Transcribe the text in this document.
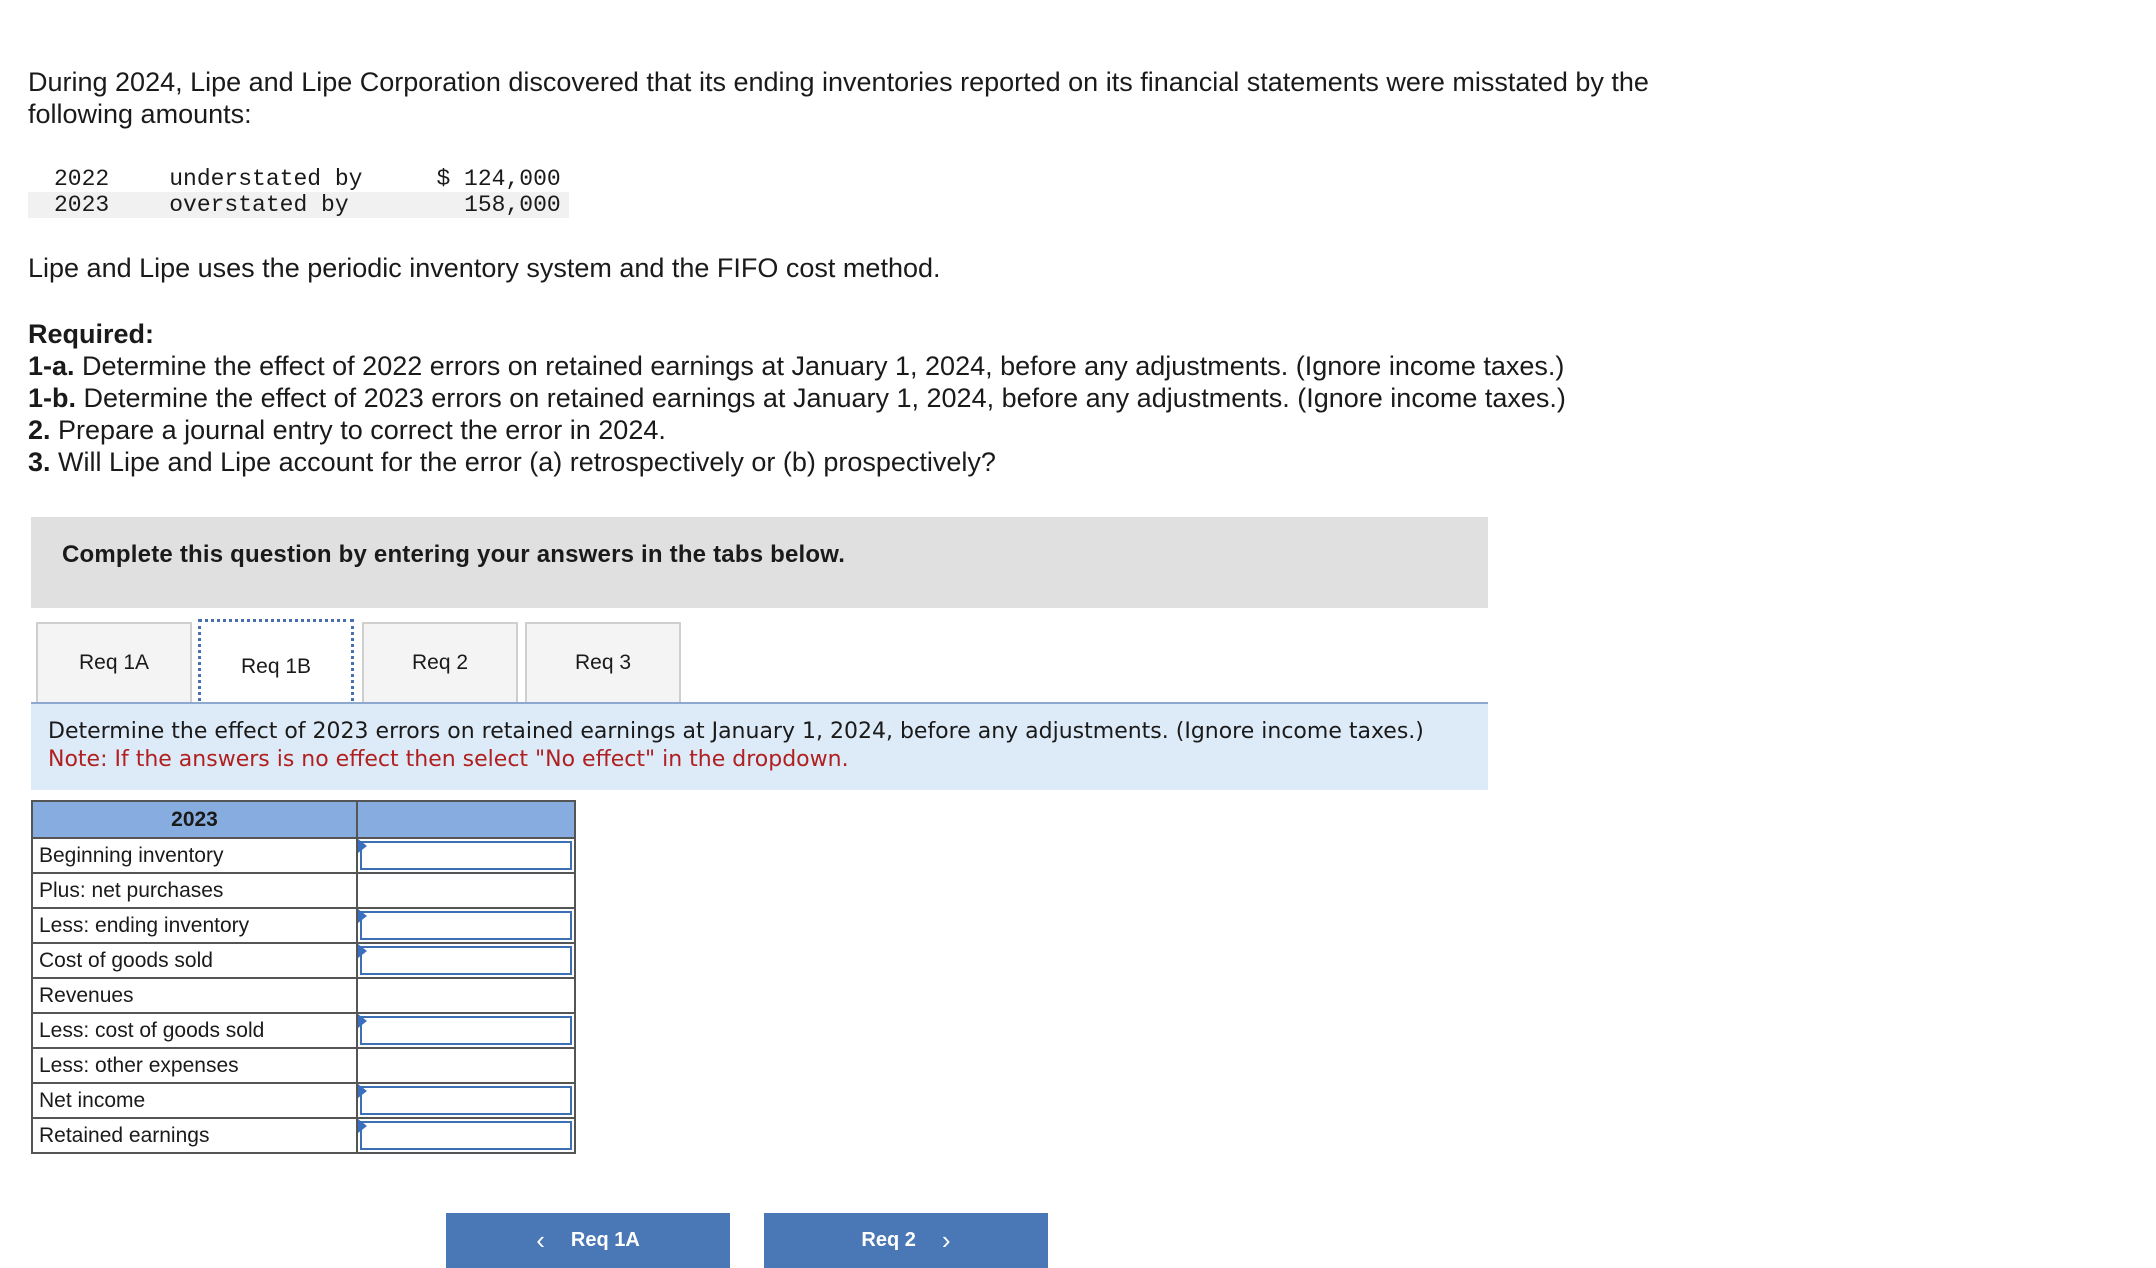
During 2024, Lipe and Lipe Corporation discovered that its ending inventories reported on its financial statements were misstated by the following amounts:

2022	understated by	$ 124,000
2023	overstated by	158,000

Lipe and Lipe uses the periodic inventory system and the FIFO cost method.

Required:
1-a. Determine the effect of 2022 errors on retained earnings at January 1, 2024, before any adjustments. (Ignore income taxes.)
1-b. Determine the effect of 2023 errors on retained earnings at January 1, 2024, before any adjustments. (Ignore income taxes.)
2. Prepare a journal entry to correct the error in 2024.
3. Will Lipe and Lipe account for the error (a) retrospectively or (b) prospectively?

Complete this question by entering your answers in the tabs below.

Req 1A	Req 1B	Req 2	Req 3

Determine the effect of 2023 errors on retained earnings at January 1, 2024, before any adjustments. (Ignore income taxes.)

Note: If the answers is no effect then select "No effect" in the dropdown.

2023	
Beginning inventory	

Plus: net purchases	
Less: ending inventory	

Cost of goods sold	

Revenues	
Less: cost of goods sold	

Less: other expenses	
Net income	

Retained earnings	
‹ Req 1A	Req 2 ›
